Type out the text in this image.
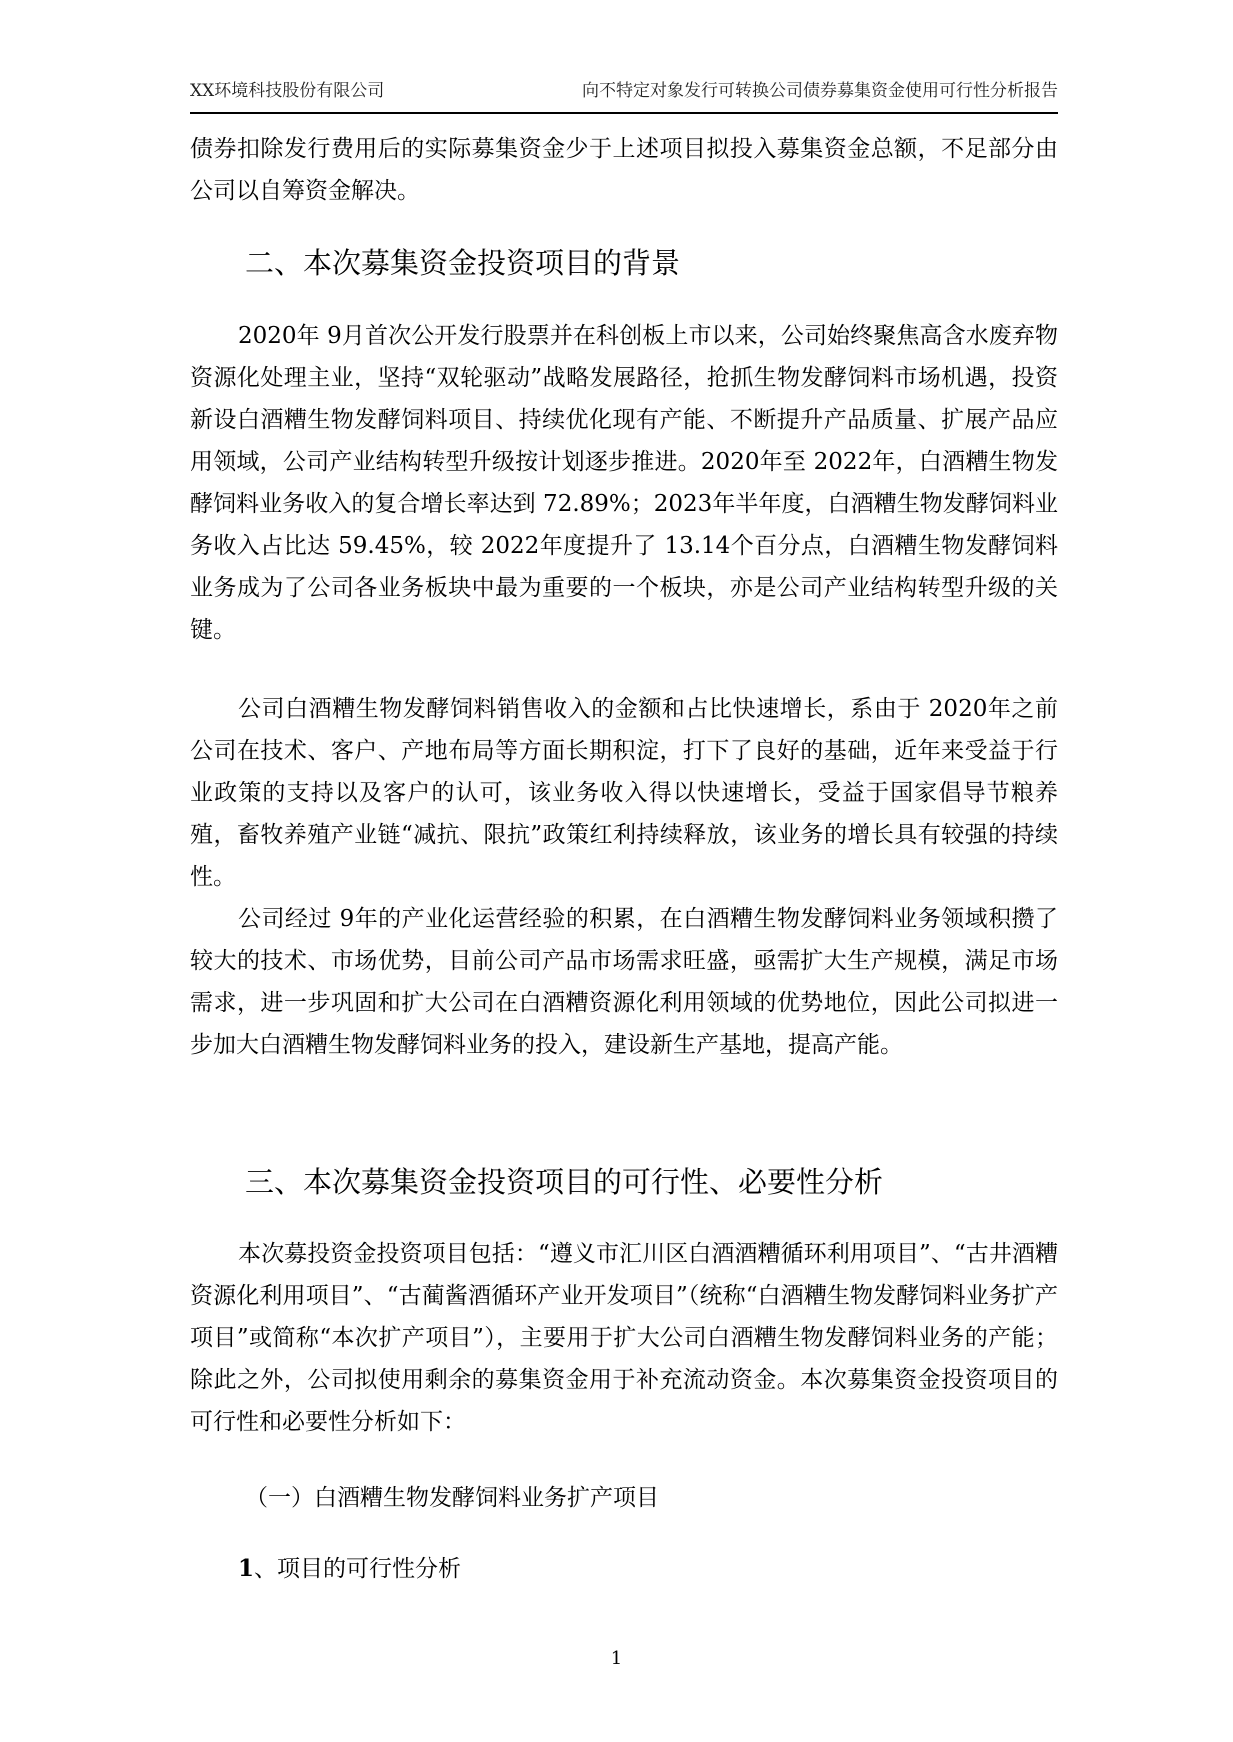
XX环境科技股份有限公司	向不特定对象发行可转换公司债券募集资金使用可行性分析报告

债券扣除发行费用后的实际募集资金少于上述项目拟投入募集资金总额，不足部分由公司以自筹资金解决。

二、本次募集资金投资项目的背景

2020年 9月首次公开发行股票并在科创板上市以来，公司始终聚焦高含水废弃物资源化处理主业，坚持“双轮驱动”战略发展路径，抢抓生物发酵饲料市场机遇，投资新设白酒糟生物发酵饲料项目、持续优化现有产能、不断提升产品质量、扩展产品应用领域，公司产业结构转型升级按计划逐步推进。2020年至 2022年，白酒糟生物发酵饲料业务收入的复合增长率达到 72.89%；2023年半年度，白酒糟生物发酵饲料业务收入占比达 59.45%，较 2022年度提升了 13.14个百分点，白酒糟生物发酵饲料业务成为了公司各业务板块中最为重要的一个板块，亦是公司产业结构转型升级的关键。

公司白酒糟生物发酵饲料销售收入的金额和占比快速增长，系由于 2020年之前公司在技术、客户、产地布局等方面长期积淀，打下了良好的基础，近年来受益于行业政策的支持以及客户的认可，该业务收入得以快速增长，受益于国家倡导节粮养殖，畜牧养殖产业链“减抗、限抗”政策红利持续释放，该业务的增长具有较强的持续性。

公司经过 9年的产业化运营经验的积累，在白酒糟生物发酵饲料业务领域积攒了较大的技术、市场优势，目前公司产品市场需求旺盛，亟需扩大生产规模，满足市场需求，进一步巩固和扩大公司在白酒糟资源化利用领域的优势地位，因此公司拟进一步加大白酒糟生物发酵饲料业务的投入，建设新生产基地，提高产能。

三、本次募集资金投资项目的可行性、必要性分析

本次募投资金投资项目包括：“遵义市汇川区白酒酒糟循环利用项目”、“古井酒糟资源化利用项目”、“古蔺酱酒循环产业开发项目”（统称“白酒糟生物发酵饲料业务扩产项目”或简称“本次扩产项目”），主要用于扩大公司白酒糟生物发酵饲料业务的产能；除此之外，公司拟使用剩余的募集资金用于补充流动资金。本次募集资金投资项目的可行性和必要性分析如下：

（一）白酒糟生物发酵饲料业务扩产项目

1、项目的可行性分析

1
